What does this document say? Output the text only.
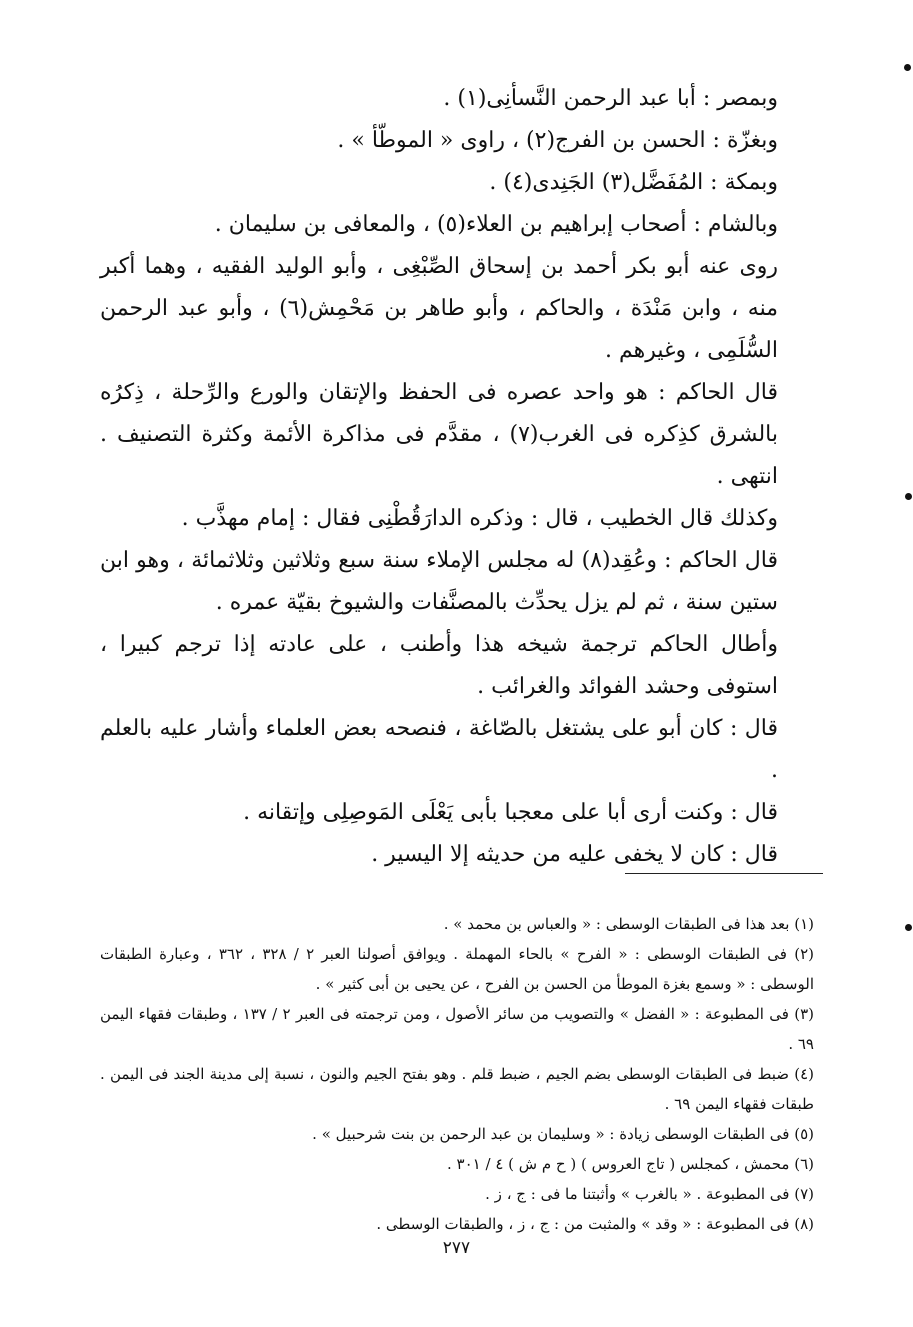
وبمصر : أبا عبد الرحمن النَّسأنِى(١) .

وبغزّة : الحسن بن الفرج(٢) ، راوى « الموطّأ » .

وبمكة : المُفَضَّل(٣) الجَنِدى(٤) .

وبالشام : أصحاب إبراهيم بن العلاء(٥) ، والمعافى بن سليمان .

روى عنه أبو بكر أحمد بن إسحاق الصِّبْغِى ، وأبو الوليد الفقيه ، وهما أكبر منه ، وابن مَنْدَة ، والحاكم ، وأبو طاهر بن مَحْمِش(٦) ، وأبو عبد الرحمن السُّلَمِى ، وغيرهم .

قال الحاكم : هو واحد عصره فى الحفظ والإتقان والورع والرِّحلة ، ذِكرُه بالشرق كذِكره فى الغرب(٧) ، مقدَّم فى مذاكرة الأئمة وكثرة التصنيف . انتهى .

وكذلك قال الخطيب ، قال : وذكره الدارَقُطْنِى فقال : إمام مهذَّب .

قال الحاكم : وعُقِد(٨) له مجلس الإملاء سنة سبع وثلاثين وثلاثمائة ، وهو ابن ستين سنة ، ثم لم يزل يحدِّث بالمصنَّفات والشيوخ بقيّة عمره .

وأطال الحاكم ترجمة شيخه هذا وأطنب ، على عادته إذا ترجم كبيرا ، استوفى وحشد الفوائد والغرائب .

قال : كان أبو على يشتغل بالصّاغة ، فنصحه بعض العلماء وأشار عليه بالعلم .

قال : وكنت أرى أبا على معجبا بأبى يَعْلَى المَوصِلِى وإتقانه .

قال : كان لا يخفى عليه من حديثه إلا اليسير .

(١) بعد هذا فى الطبقات الوسطى : « والعباس بن محمد » .

(٢) فى الطبقات الوسطى : « الفرح » بالحاء المهملة . ويوافق أصولنا العبر ٢ / ٣٢٨ ، ٣٦٢ ، وعبارة الطبقات الوسطى : « وسمع بغزة الموطأ من الحسن بن الفرح ، عن يحيى بن أبى كثير » .

(٣) فى المطبوعة : « الفضل » والتصويب من سائر الأصول ، ومن ترجمته فى العبر ٢ / ١٣٧ ، وطبقات فقهاء اليمن ٦٩ .

(٤) ضبط فى الطبقات الوسطى بضم الجيم ، ضبط قلم . وهو بفتح الجيم والنون ، نسبة إلى مدينة الجند فى اليمن . طبقات فقهاء اليمن ٦٩ .

(٥) فى الطبقات الوسطى زيادة : « وسليمان بن عبد الرحمن بن بنت شرحبيل » .

(٦) محمش ، كمجلس ( تاج العروس ) ( ح م ش ) ٤ / ٣٠١ .

(٧) فى المطبوعة . « بالغرب » وأثبتنا ما فى : ج ، ز .

(٨) فى المطبوعة : « وقد » والمثبت من : ج ، ز ، والطبقات الوسطى .

٢٧٧
